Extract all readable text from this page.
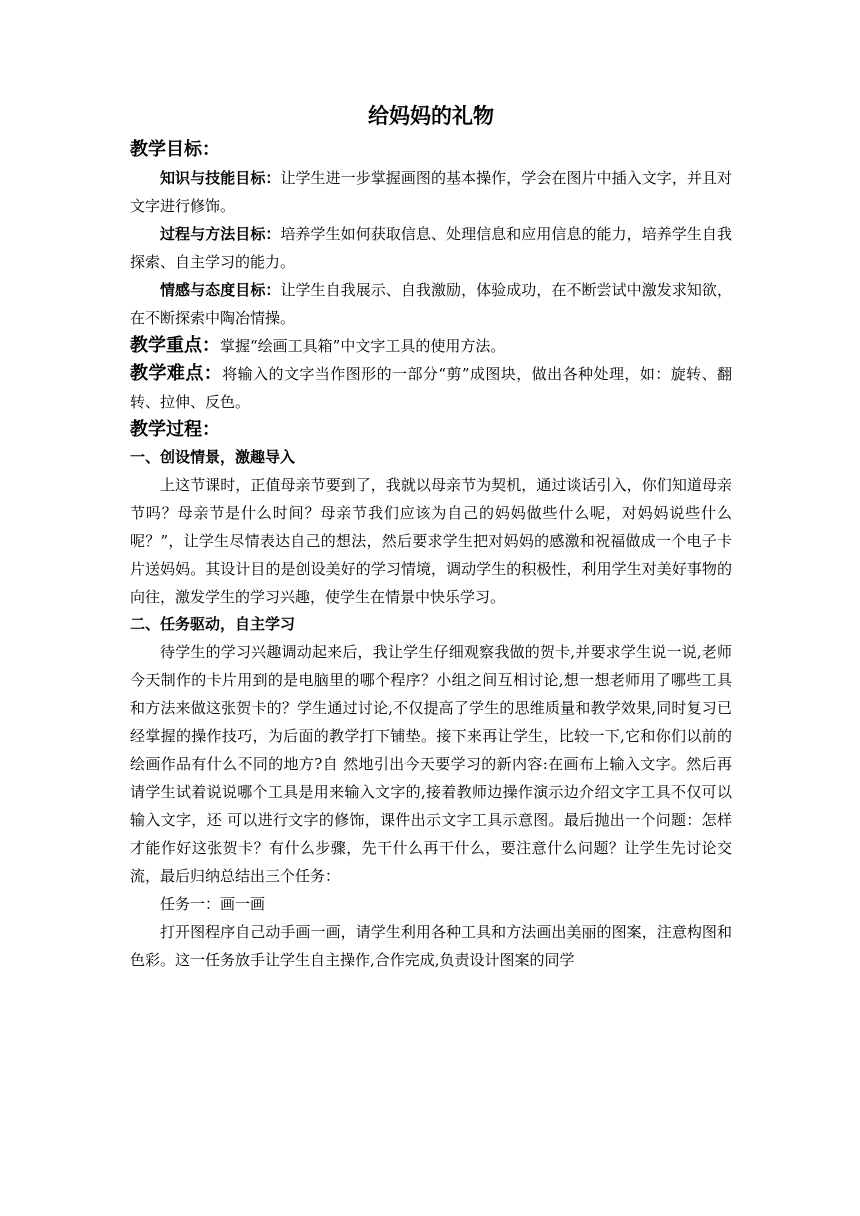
给妈妈的礼物
教学目标：

知识与技能目标：让学生进一步掌握画图的基本操作，学会在图片中插入文字，并且对文字进行修饰。

过程与方法目标：培养学生如何获取信息、处理信息和应用信息的能力，培养学生自我探索、自主学习的能力。

情感与态度目标：让学生自我展示、自我激励，体验成功，在不断尝试中激发求知欲，在不断探索中陶冶情操。

教学重点：掌握“绘画工具箱”中文字工具的使用方法。

教学难点：将输入的文字当作图形的一部分“剪”成图块，做出各种处理，如：旋转、翻转、拉伸、反色。

教学过程：
一、创设情景，激趣导入

上这节课时，正值母亲节要到了，我就以母亲节为契机，通过谈话引入，你们知道母亲节吗？母亲节是什么时间？母亲节我们应该为自己的妈妈做些什么呢，对妈妈说些什么呢？”，让学生尽情表达自己的想法，然后要求学生把对妈妈的感激和祝福做成一个电子卡片送妈妈。其设计目的是创设美好的学习情境，调动学生的积极性，利用学生对美好事物的向往，激发学生的学习兴趣，使学生在情景中快乐学习。

二、任务驱动，自主学习

待学生的学习兴趣调动起来后，我让学生仔细观察我做的贺卡,并要求学生说一说,老师今天制作的卡片用到的是电脑里的哪个程序？小组之间互相讨论,想一想老师用了哪些工具和方法来做这张贺卡的？学生通过讨论,不仅提高了学生的思维质量和教学效果,同时复习已经掌握的操作技巧，为后面的教学打下铺垫。接下来再让学生，比较一下,它和你们以前的绘画作品有什么不同的地方?自 然地引出今天要学习的新内容:在画布上输入文字。然后再请学生试着说说哪个工具是用来输入文字的,接着教师边操作演示边介绍文字工具不仅可以输入文字，还 可以进行文字的修饰，课件出示文字工具示意图。最后抛出一个问题：怎样才能作好这张贺卡？有什么步骤，先干什么再干什么，要注意什么问题？让学生先讨论交 流，最后归纳总结出三个任务：

任务一：画一画

打开图程序自己动手画一画，请学生利用各种工具和方法画出美丽的图案，注意构图和色彩。这一任务放手让学生自主操作,合作完成,负责设计图案的同学
